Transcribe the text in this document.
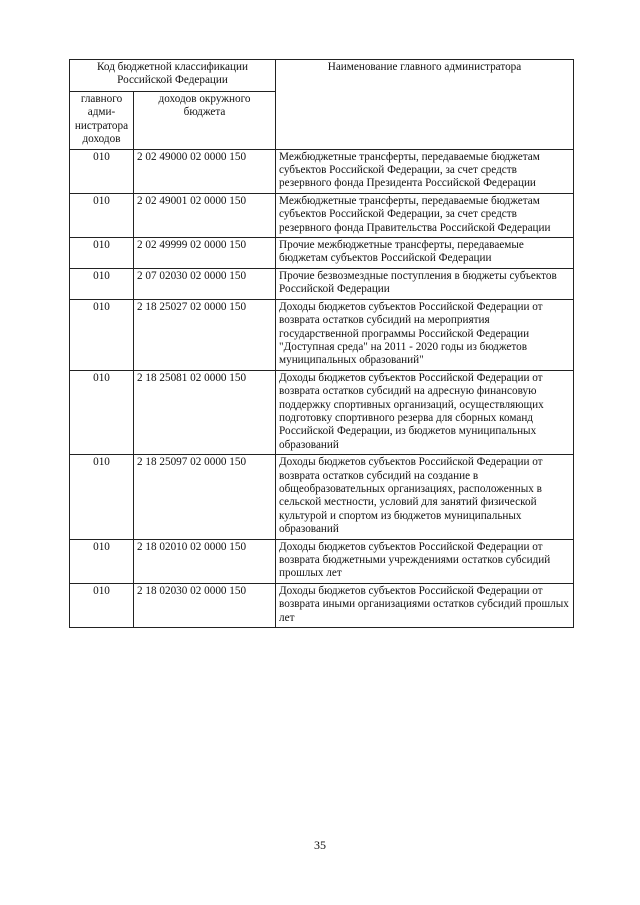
Код бюджетной классификации Российской Федерации		Наименование главного администратора
главного адми-нистратора доходов	доходов окружного бюджета	
010	2 02 49000 02 0000 150	Межбюджетные трансферты, передаваемые бюджетам субъектов Российской Федерации, за счет средств резервного фонда Президента Российской Федерации
010	2 02 49001 02 0000 150	Межбюджетные трансферты, передаваемые бюджетам субъектов Российской Федерации, за счет средств резервного фонда Правительства Российской Федерации
010	2 02 49999 02 0000 150	Прочие межбюджетные трансферты, передаваемые бюджетам субъектов Российской Федерации
010	2 07 02030 02 0000 150	Прочие безвозмездные поступления в бюджеты субъектов Российской Федерации
010	2 18 25027 02 0000 150	Доходы бюджетов субъектов Российской Федерации от возврата остатков субсидий на мероприятия государственной программы Российской Федерации "Доступная среда" на 2011 - 2020 годы из бюджетов муниципальных образований"
010	2 18 25081 02 0000 150	Доходы бюджетов субъектов Российской Федерации от возврата остатков субсидий на адресную финансовую поддержку спортивных организаций, осуществляющих подготовку спортивного резерва для сборных команд Российской Федерации, из бюджетов муниципальных образований
010	2 18 25097 02 0000 150	Доходы бюджетов субъектов Российской Федерации от возврата остатков субсидий на создание в общеобразовательных организациях, расположенных в сельской местности, условий для занятий физической культурой и спортом из бюджетов муниципальных образований
010	2 18 02010 02 0000 150	Доходы бюджетов субъектов Российской Федерации от возврата бюджетными учреждениями остатков субсидий прошлых лет
010	2 18 02030 02 0000 150	Доходы бюджетов субъектов Российской Федерации от возврата иными организациями остатков субсидий прошлых лет
35
